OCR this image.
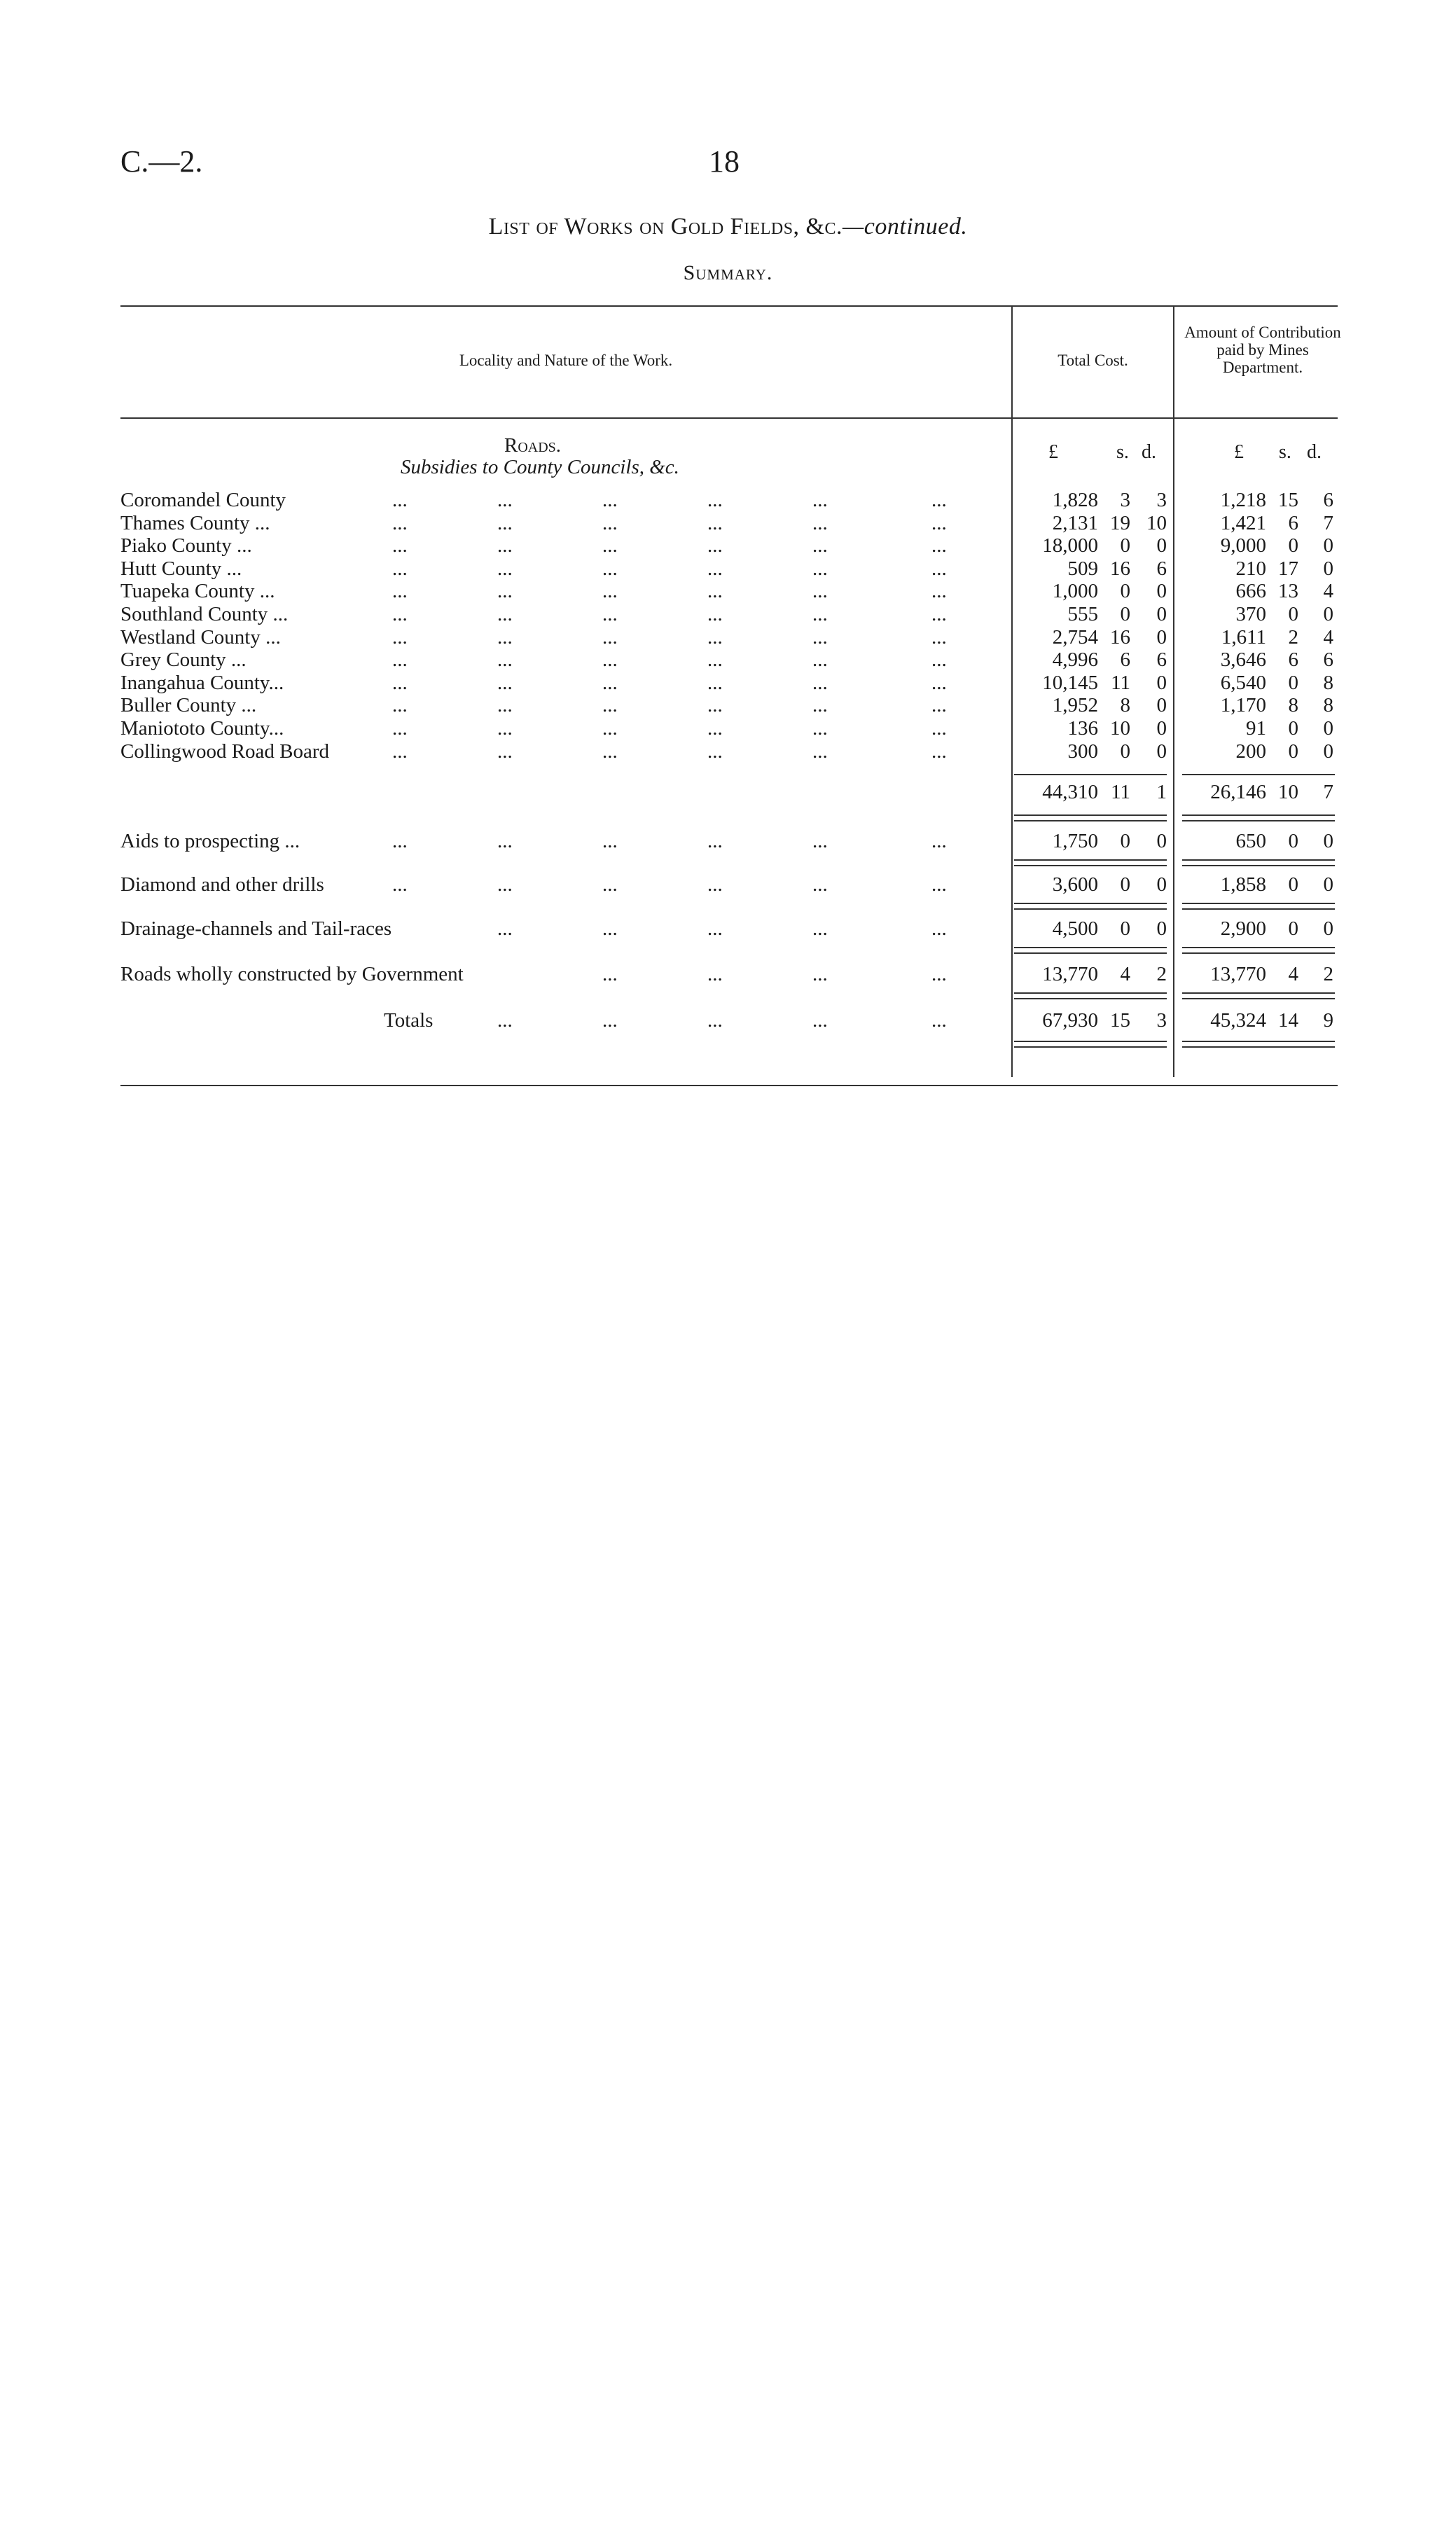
C.—2.	18
List of Works on Gold Fields, &c.—continued.
Summary.
Locality and Nature of the Work.	Total Cost.
Amount of Contribution paid by Mines Department.
£	s. d.	£ s. d.
Roads.
Subsidies to County Councils, &c.
Coromandel County	...	...	...	...	...	...	1,828	3	3	1,218 15	6
Thames County ...	...	...	...	...	...	...	2,131 19 10	1,421	6	7
Piako County ...	...	...	...	...	...	...	18,000	0	0	9,000	0	0
Hutt County ...	...	...	...	...	...	...	509 16	6	210 17	0
Tuapeka County ...	...	...	...	...	...	...	1,000	0	0	666 13	4
Southland County ...	...	...	...	...	...	...	555	0	0	370	0	0
Westland County ...	...	...	...	...	...	...	2,754 16	0	1,611	2	4
Grey County ...	...	...	...	...	...	...	4,996	6	6	3,646	6	6
Inangahua County...	...	...	...	...	...	...	10,145 11	0	6,540	0	8
Buller County ...	...	...	...	...	...	...	1,952	8	0	1,170	8	8
Maniototo County...	...	...	...	...	...	...	136 10	0	91	0	0
Collingwood Road Board	...	...	...	...	...	...	300	0	0	200	0	0
44,310 11	1	26,146 10	7
Aids to prospecting ...	...	...	...	...	...	...	1,750	0	0	650	0	0
Diamond and other drills	...	...	...	...	...	...	3,600	0	0	1,858	0	0
Drainage-channels and Tail-races	...	...	...	...	...	4,500	0	0	2,900	0	0
Roads wholly constructed by Government	...	...	...	...	13,770	4	2	13,770	4	2
Totals	...	...	...	...	...	67,930 15	3	45,324 14	9
